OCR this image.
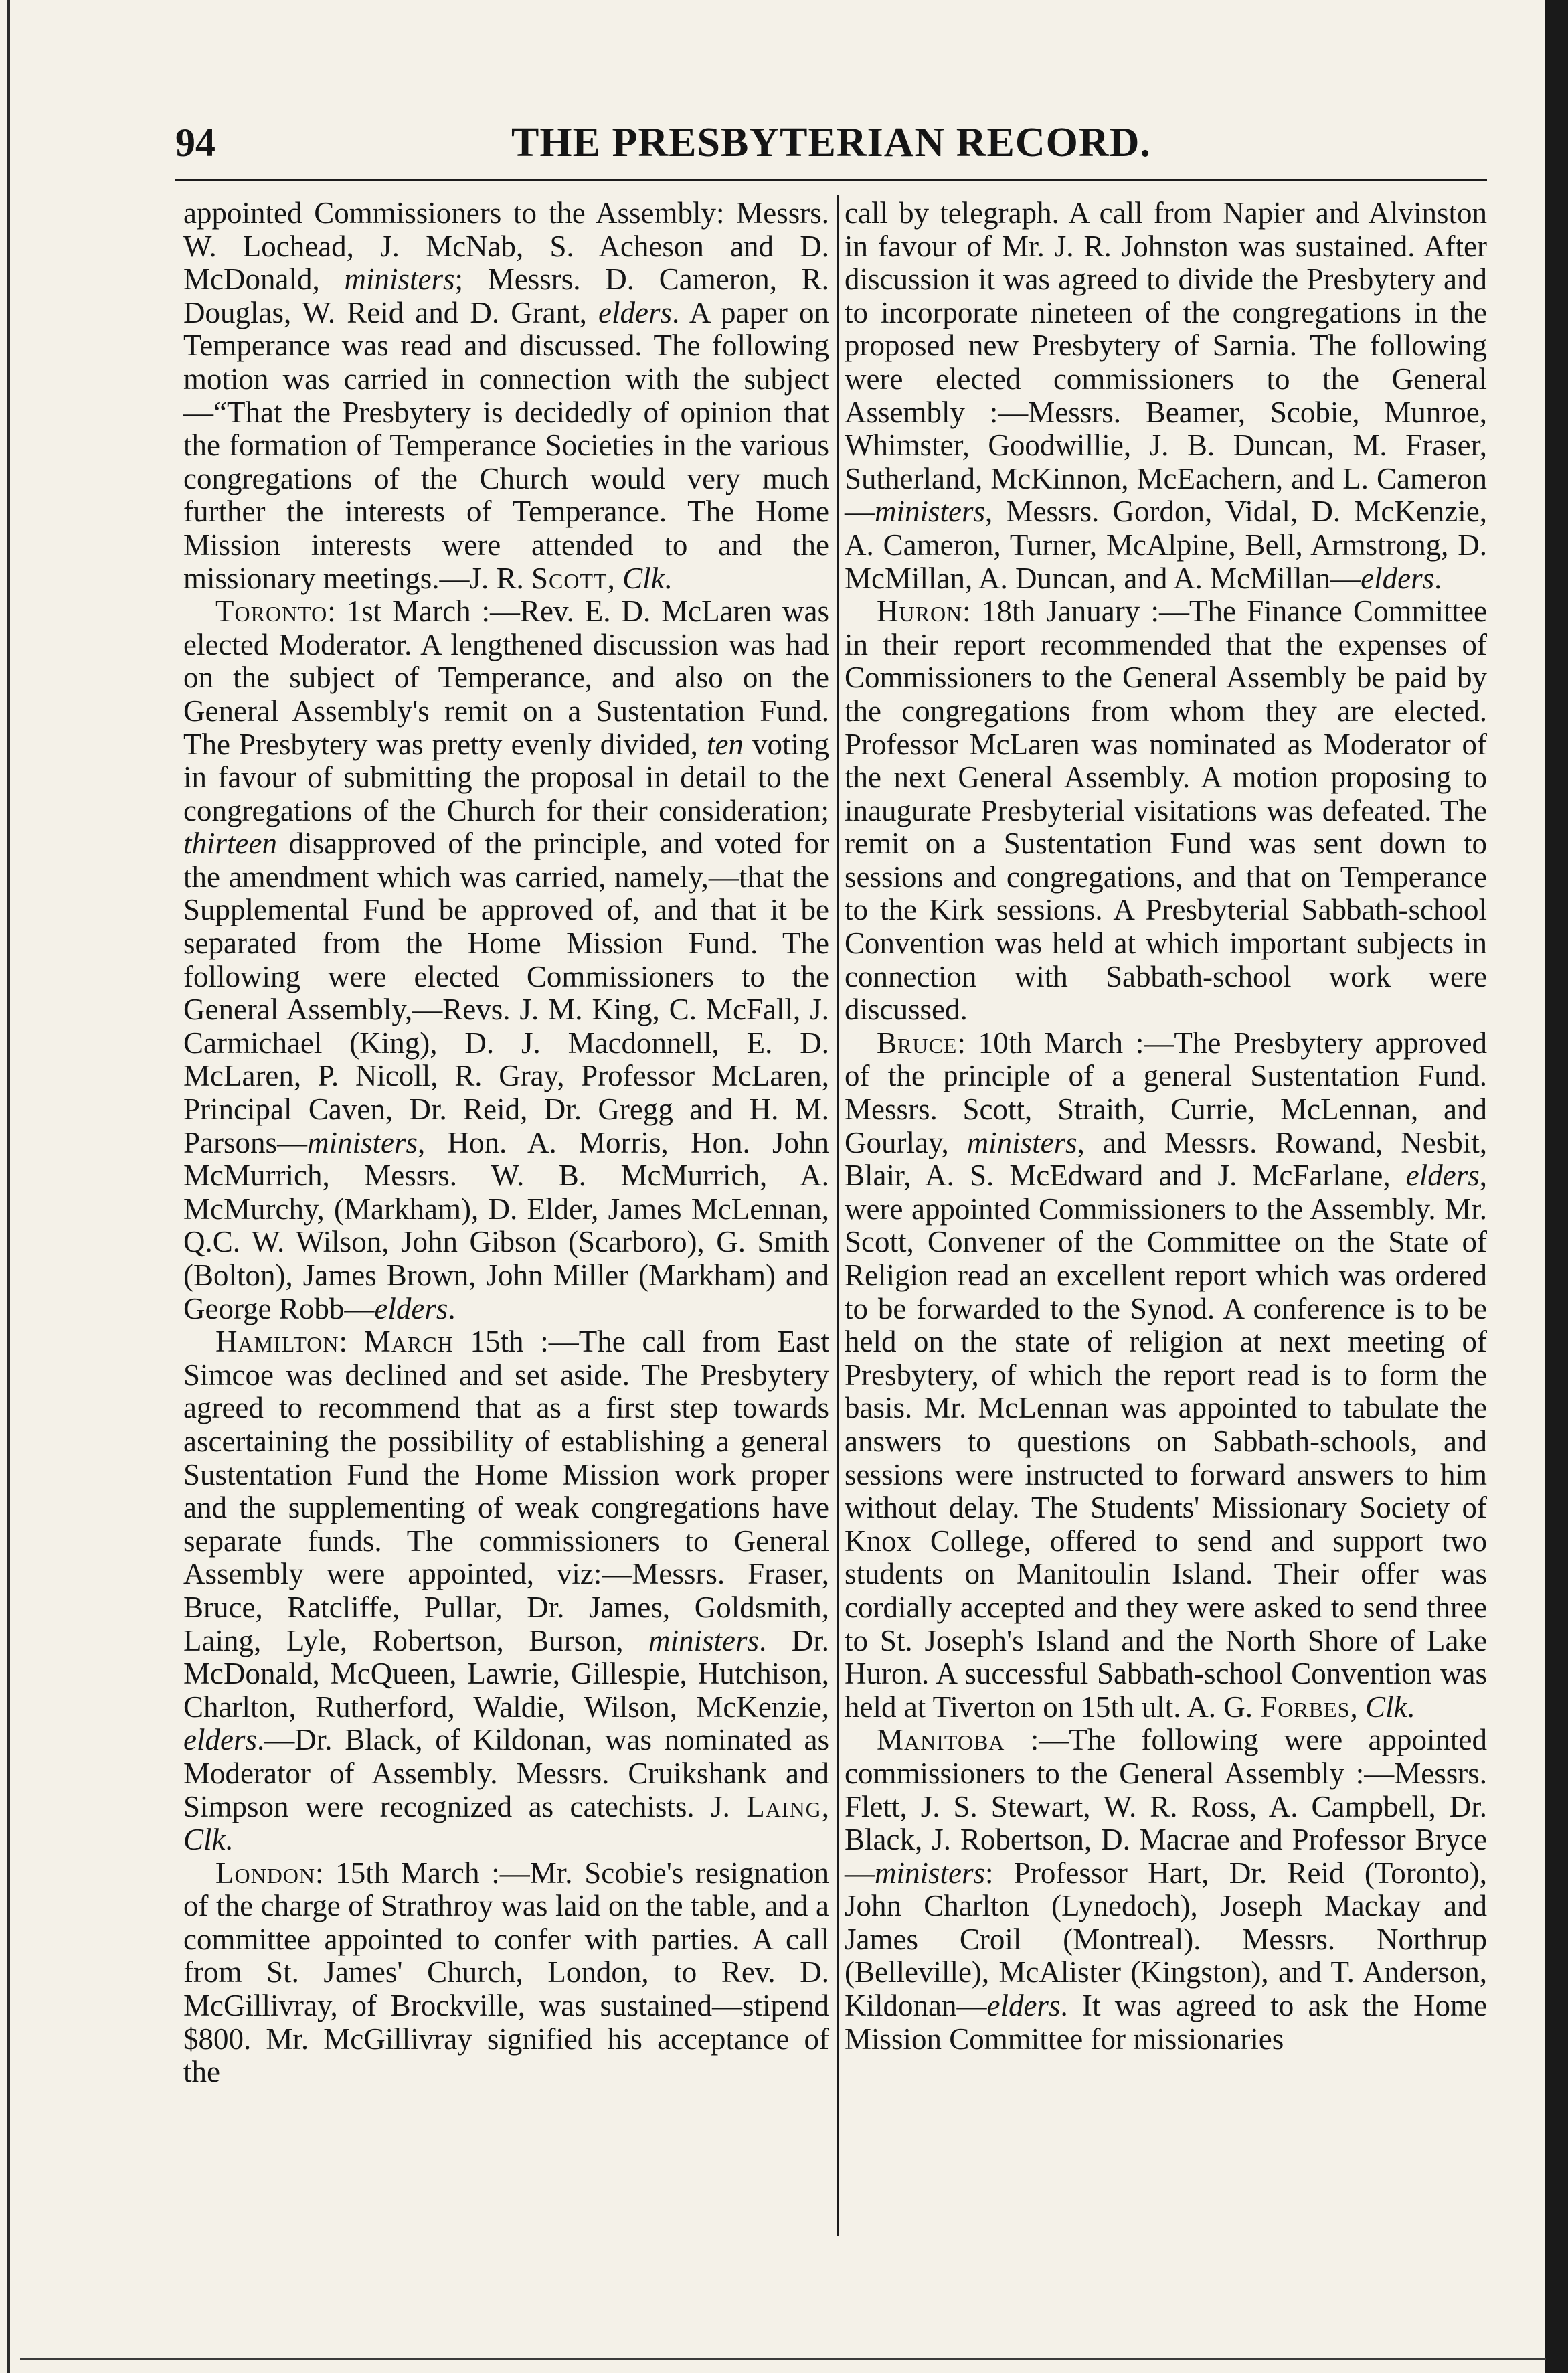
94	THE PRESBYTERIAN RECORD.

appointed Commissioners to the Assembly: Messrs. W. Lochead, J. McNab, S. Acheson and D. McDonald, ministers; Messrs. D. Cameron, R. Douglas, W. Reid and D. Grant, elders. A paper on Temperance was read and discussed. The following motion was carried in connection with the subject—“That the Presbytery is decidedly of opinion that the formation of Temperance Societies in the various congregations of the Church would very much further the interests of Temperance. The Home Mission interests were attended to and the missionary meetings.—J. R. Scott, Clk.

Toronto: 1st March :—Rev. E. D. McLaren was elected Moderator. A lengthened discussion was had on the subject of Temperance, and also on the General Assembly's remit on a Sustentation Fund. The Presbytery was pretty evenly divided, ten voting in favour of submitting the proposal in detail to the congregations of the Church for their consideration; thirteen disapproved of the principle, and voted for the amendment which was carried, namely,—that the Supplemental Fund be approved of, and that it be separated from the Home Mission Fund. The following were elected Commissioners to the General Assembly,—Revs. J. M. King, C. McFall, J. Carmichael (King), D. J. Macdonnell, E. D. McLaren, P. Nicoll, R. Gray, Professor McLaren, Principal Caven, Dr. Reid, Dr. Gregg and H. M. Parsons—ministers, Hon. A. Morris, Hon. John McMurrich, Messrs. W. B. McMurrich, A. McMurchy, (Markham), D. Elder, James McLennan, Q.C. W. Wilson, John Gibson (Scarboro), G. Smith (Bolton), James Brown, John Miller (Markham) and George Robb—elders.

Hamilton: March 15th :—The call from East Simcoe was declined and set aside. The Presbytery agreed to recommend that as a first step towards ascertaining the possibility of establishing a general Sustentation Fund the Home Mission work proper and the supplementing of weak congregations have separate funds. The commissioners to General Assembly were appointed, viz:—Messrs. Fraser, Bruce, Ratcliffe, Pullar, Dr. James, Goldsmith, Laing, Lyle, Robertson, Burson, ministers. Dr. McDonald, McQueen, Lawrie, Gillespie, Hutchison, Charlton, Rutherford, Waldie, Wilson, McKenzie, elders.—Dr. Black, of Kildonan, was nominated as Moderator of Assembly. Messrs. Cruikshank and Simpson were recognized as catechists. J. Laing, Clk.

London: 15th March :—Mr. Scobie's resignation of the charge of Strathroy was laid on the table, and a committee appointed to confer with parties. A call from St. James' Church, London, to Rev. D. McGillivray, of Brockville, was sustained—stipend $800. Mr. McGillivray signified his acceptance of the

call by telegraph. A call from Napier and Alvinston in favour of Mr. J. R. Johnston was sustained. After discussion it was agreed to divide the Presbytery and to incorporate nineteen of the congregations in the proposed new Presbytery of Sarnia. The following were elected commissioners to the General Assembly :—Messrs. Beamer, Scobie, Munroe, Whimster, Goodwillie, J. B. Duncan, M. Fraser, Sutherland, McKinnon, McEachern, and L. Cameron—ministers, Messrs. Gordon, Vidal, D. McKenzie, A. Cameron, Turner, McAlpine, Bell, Armstrong, D. McMillan, A. Duncan, and A. McMillan—elders.

Huron: 18th January :—The Finance Committee in their report recommended that the expenses of Commissioners to the General Assembly be paid by the congregations from whom they are elected. Professor McLaren was nominated as Moderator of the next General Assembly. A motion proposing to inaugurate Presbyterial visitations was defeated. The remit on a Sustentation Fund was sent down to sessions and congregations, and that on Temperance to the Kirk sessions. A Presbyterial Sabbath-school Convention was held at which important subjects in connection with Sabbath-school work were discussed.

Bruce: 10th March :—The Presbytery approved of the principle of a general Sustentation Fund. Messrs. Scott, Straith, Currie, McLennan, and Gourlay, ministers, and Messrs. Rowand, Nesbit, Blair, A. S. McEdward and J. McFarlane, elders, were appointed Commissioners to the Assembly. Mr. Scott, Convener of the Committee on the State of Religion read an excellent report which was ordered to be forwarded to the Synod. A conference is to be held on the state of religion at next meeting of Presbytery, of which the report read is to form the basis. Mr. McLennan was appointed to tabulate the answers to questions on Sabbath-schools, and sessions were instructed to forward answers to him without delay. The Students' Missionary Society of Knox College, offered to send and support two students on Manitoulin Island. Their offer was cordially accepted and they were asked to send three to St. Joseph's Island and the North Shore of Lake Huron. A successful Sabbath-school Convention was held at Tiverton on 15th ult. A. G. Forbes, Clk.

Manitoba :—The following were appointed commissioners to the General Assembly :—Messrs. Flett, J. S. Stewart, W. R. Ross, A. Campbell, Dr. Black, J. Robertson, D. Macrae and Professor Bryce—ministers: Professor Hart, Dr. Reid (Toronto), John Charlton (Lynedoch), Joseph Mackay and James Croil (Montreal). Messrs. Northrup (Belleville), McAlister (Kingston), and T. Anderson, Kildonan—elders. It was agreed to ask the Home Mission Committee for missionaries
